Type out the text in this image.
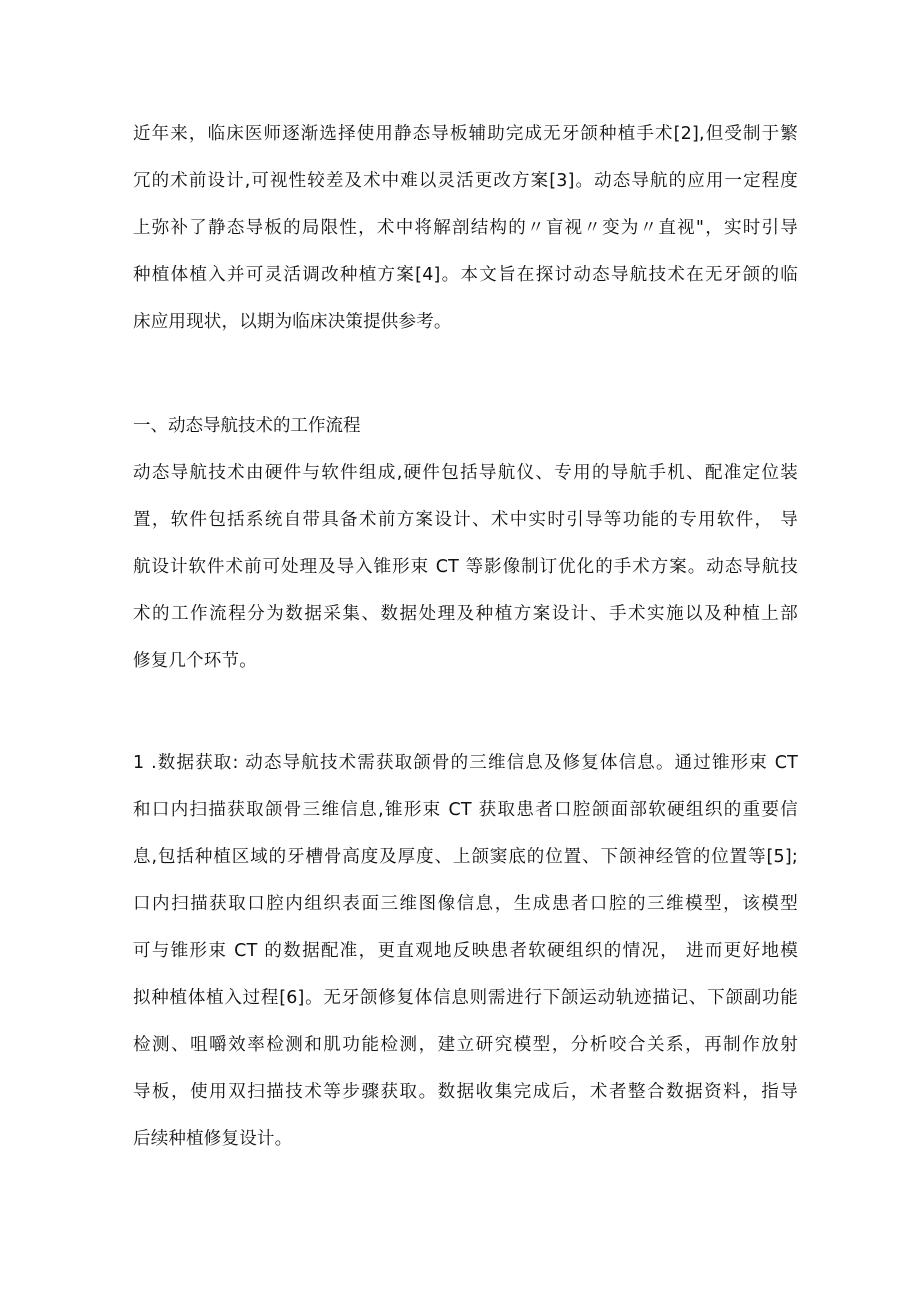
近年来，临床医师逐渐选择使用静态导板辅助完成无牙颌种植手术[2],但受制于繁
冗的术前设计,可视性较差及术中难以灵活更改方案[3]。动态导航的应用一定程度
上弥补了静态导板的局限性，术中将解剖结构的〃盲视〃变为〃直视"，实时引导
种植体植入并可灵活调改种植方案[4]。本文旨在探讨动态导航技术在无牙颌的临
床应用现状，以期为临床决策提供参考。
一、动态导航技术的工作流程
动态导航技术由硬件与软件组成,硬件包括导航仪、专用的导航手机、配准定位装
置，软件包括系统自带具备术前方案设计、术中实时引导等功能的专用软件， 导
航设计软件术前可处理及导入锥形束 CT 等影像制订优化的手术方案。动态导航技
术的工作流程分为数据采集、数据处理及种植方案设计、手术实施以及种植上部
修复几个环节。
1 .数据获取: 动态导航技术需获取颌骨的三维信息及修复体信息。通过锥形束 CT
和口内扫描获取颌骨三维信息,锥形束 CT 获取患者口腔颌面部软硬组织的重要信
息,包括种植区域的牙槽骨高度及厚度、上颌窦底的位置、下颌神经管的位置等[5];
口内扫描获取口腔内组织表面三维图像信息，生成患者口腔的三维模型，该模型
可与锥形束 CT 的数据配准，更直观地反映患者软硬组织的情况， 进而更好地模
拟种植体植入过程[6]。无牙颌修复体信息则需进行下颌运动轨迹描记、下颌副功能
检测、咀嚼效率检测和肌功能检测，建立研究模型，分析咬合关系，再制作放射
导板，使用双扫描技术等步骤获取。数据收集完成后，术者整合数据资料，指导
后续种植修复设计。
